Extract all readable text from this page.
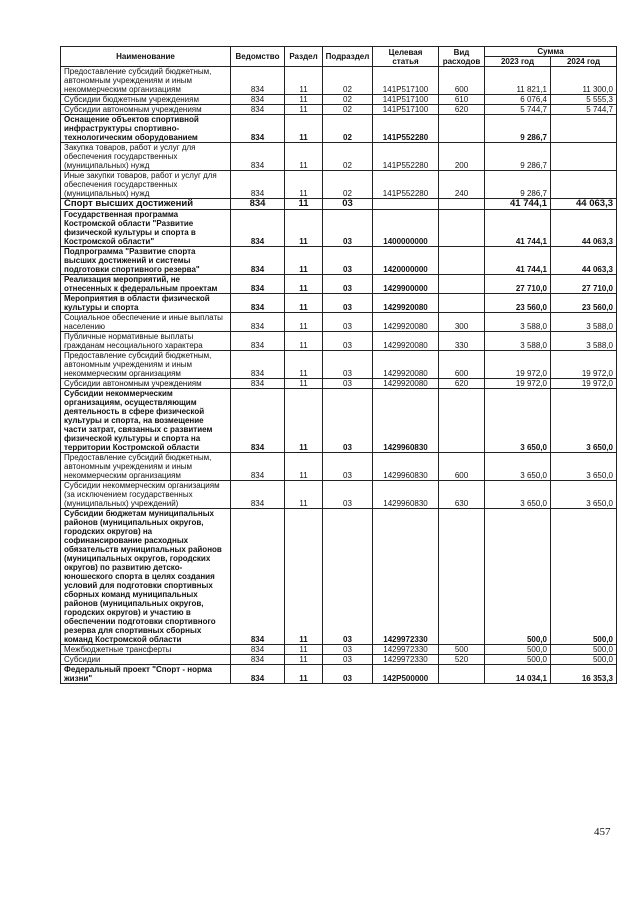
Наименование	Ведомство	Раздел	Подраздел	Целевая статья	Вид расходов	Сумма	
						2023 год	2024 год
Предоставление субсидий бюджетным, автономным учреждениям и иным некоммерческим организациям	834	11	02	141P517100	600	11 821,1	11 300,0
Субсидии бюджетным учреждениям	834	11	02	141P517100	610	6 076,4	5 555,3
Субсидии автономным учреждениям	834	11	02	141P517100	620	5 744,7	5 744,7
Оснащение объектов спортивной инфраструктуры спортивно-технологическим оборудованием	834	11	02	141P552280		9 286,7	
Закупка товаров, работ и услуг для обеспечения государственных (муниципальных) нужд	834	11	02	141P552280	200	9 286,7	
Иные закупки товаров, работ и услуг для обеспечения государственных (муниципальных) нужд	834	11	02	141P552280	240	9 286,7	
Спорт высших достижений	834	11	03			41 744,1	44 063,3
Государственная программа Костромской области "Развитие физической культуры и спорта в Костромской области"	834	11	03	1400000000		41 744,1	44 063,3
Подпрограмма "Развитие спорта высших достижений и системы подготовки спортивного резерва"	834	11	03	1420000000		41 744,1	44 063,3
Реализация мероприятий, не отнесенных к федеральным проектам	834	11	03	1429900000		27 710,0	27 710,0
Мероприятия в области физической культуры и спорта	834	11	03	1429920080		23 560,0	23 560,0
Социальное обеспечение и иные выплаты населению	834	11	03	1429920080	300	3 588,0	3 588,0
Публичные нормативные выплаты гражданам несоциального характера	834	11	03	1429920080	330	3 588,0	3 588,0
Предоставление субсидий бюджетным, автономным учреждениям и иным некоммерческим организациям	834	11	03	1429920080	600	19 972,0	19 972,0
Субсидии автономным учреждениям	834	11	03	1429920080	620	19 972,0	19 972,0
Субсидии некоммерческим организациям, осуществляющим деятельность в сфере физической культуры и спорта, на возмещение части затрат, связанных с развитием физической культуры и спорта на территории Костромской области	834	11	03	1429960830		3 650,0	3 650,0
Предоставление субсидий бюджетным, автономным учреждениям и иным некоммерческим организациям	834	11	03	1429960830	600	3 650,0	3 650,0
Субсидии некоммерческим организациям (за исключением государственных (муниципальных) учреждений)	834	11	03	1429960830	630	3 650,0	3 650,0
Субсидии бюджетам муниципальных районов (муниципальных округов, городских округов) на софинансирование расходных обязательств муниципальных районов (муниципальных округов, городских округов) по развитию детско-юношеского спорта в целях создания условий для подготовки спортивных сборных команд муниципальных районов (муниципальных округов, городских округов) и участию в обеспечении подготовки спортивного резерва для спортивных сборных команд Костромской области	834	11	03	1429972330		500,0	500,0
Межбюджетные трансферты	834	11	03	1429972330	500	500,0	500,0
Субсидии	834	11	03	1429972330	520	500,0	500,0
Федеральный проект "Спорт - норма жизни"	834	11	03	142P500000		14 034,1	16 353,3
457
